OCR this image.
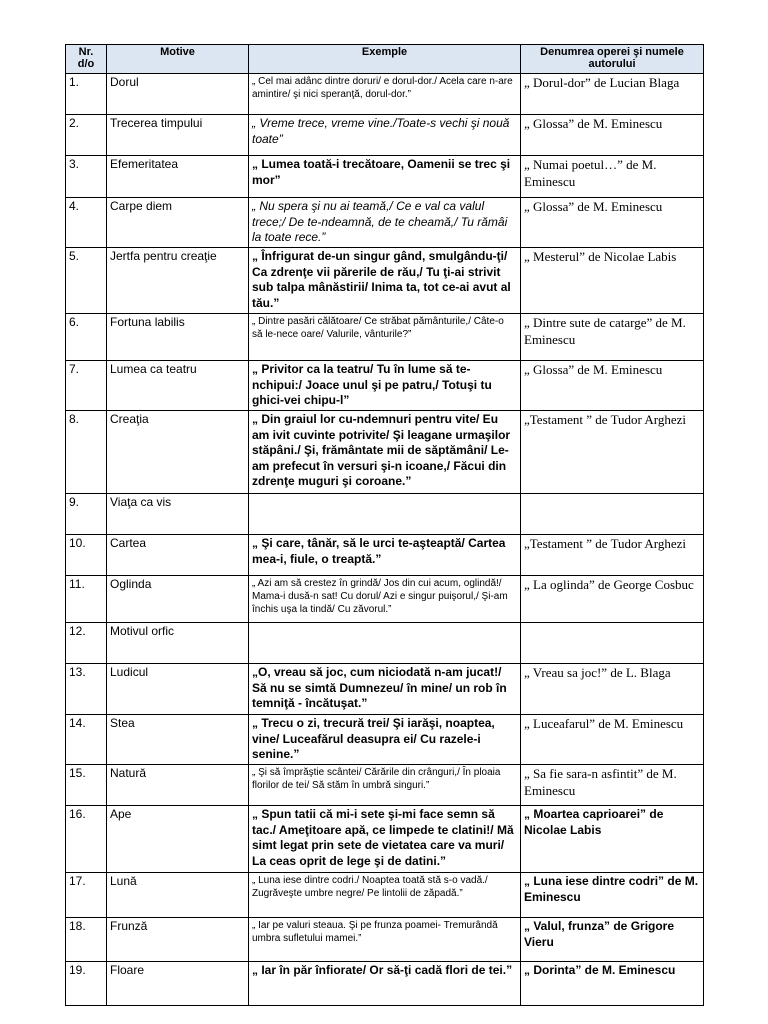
Nr. d/o	Motive	Exemple	Denumrea operei şi numele autorului
1.	Dorul	„ Cel mai adânc dintre doruri/ e dorul-dor./ Acela care n-are amintire/ şi nici speranţă, dorul-dor.”	„ Dorul-dor” de Lucian Blaga
2.	Trecerea timpului	„ Vreme trece, vreme vine./Toate-s vechi şi nouă toate”	„ Glossa” de M. Eminescu
3.	Efemeritatea	„ Lumea toată-i trecătoare, Oamenii se trec şi mor”	„ Numai poetul…” de M. Eminescu
4.	Carpe diem	„ Nu spera şi nu ai teamă,/ Ce e val ca valul trece;/ De te-ndeamnă, de te cheamă,/ Tu rămâi la toate rece.”	„ Glossa” de M. Eminescu
5.	Jertfa pentru creaţie	„ Înfrigurat de-un singur gând, smulgându-ţi/ Ca zdrenţe vii părerile de rău,/ Tu ţi-ai strivit sub talpa mânăstirii/ Inima ta, tot ce-ai avut al tău.”	„ Mesterul” de Nicolae Labis
6.	Fortuna labilis	„ Dintre pasări călătoare/ Ce străbat pământurile,/ Câte-o să le-nece oare/ Valurile, vânturile?”	„ Dintre sute de catarge” de M. Eminescu
7.	Lumea ca teatru	„ Privitor ca la teatru/ Tu în lume să te-nchipui:/ Joace unul şi pe patru,/ Totuşi tu ghici-vei chipu-l”	„ Glossa” de M. Eminescu
8.	Creaţia	„ Din graiul lor cu-ndemnuri pentru vite/ Eu am ivit cuvinte potrivite/ Şi leagane urmaşilor stăpâni./ Şi, frământate mii de săptămâni/ Le-am prefecut în versuri şi-n icoane,/ Făcui din zdrenţe muguri şi coroane.”	„Testament ” de Tudor Arghezi
9.	Viaţa ca vis		
10.	Cartea	„ Şi care, tânăr, să le urci te-aşteaptă/ Cartea mea-i, fiule, o treaptă.”	„Testament ” de Tudor Arghezi
11.	Oglinda	„ Azi am să crestez în grindă/ Jos din cui acum, oglindă!/ Mama-i dusă-n sat! Cu dorul/ Azi e singur puişorul,/ Şi-am închis uşa la tindă/ Cu zăvorul.”	„ La oglinda” de George Cosbuc
12.	Motivul orfic		
13.	Ludicul	„O, vreau să joc, cum niciodată n-am jucat!/ Să nu se simtă Dumnezeu/ în mine/ un rob în temniţă - încătuşat.”	„ Vreau sa joc!” de L. Blaga
14.	Stea	„ Trecu o zi, trecură trei/ Şi iarăşi, noaptea, vine/ Luceafărul deasupra ei/ Cu razele-i senine.”	„ Luceafarul” de M. Eminescu
15.	Natură	„ Şi să împrăştie scântei/ Cărările din crânguri,/ În ploaia florilor de tei/ Să stăm în umbră singuri.”	„ Sa fie sara-n asfintit” de M. Eminescu
16.	Ape	„ Spun tatii că mi-i sete şi-mi face semn să tac./ Ameţitoare apă, ce limpede te clatini!/ Mă simt legat prin sete de vietatea care va muri/ La ceas oprit de lege şi de datini.”	„ Moartea caprioarei” de Nicolae Labis
17.	Lună	„ Luna iese dintre codri./ Noaptea toată stă s-o vadă./ Zugrăveşte umbre negre/ Pe lintolii de zăpadă.”	„ Luna iese dintre codri” de M. Eminescu
18.	Frunză	„ Iar pe valuri steaua. Şi pe frunza poamei- Tremurândă umbra sufletului mamei.”	„ Valul, frunza” de Grigore Vieru
19.	Floare	„ Iar în păr înfiorate/ Or să-ţi cadă flori de tei.”	„ Dorinta” de M. Eminescu
